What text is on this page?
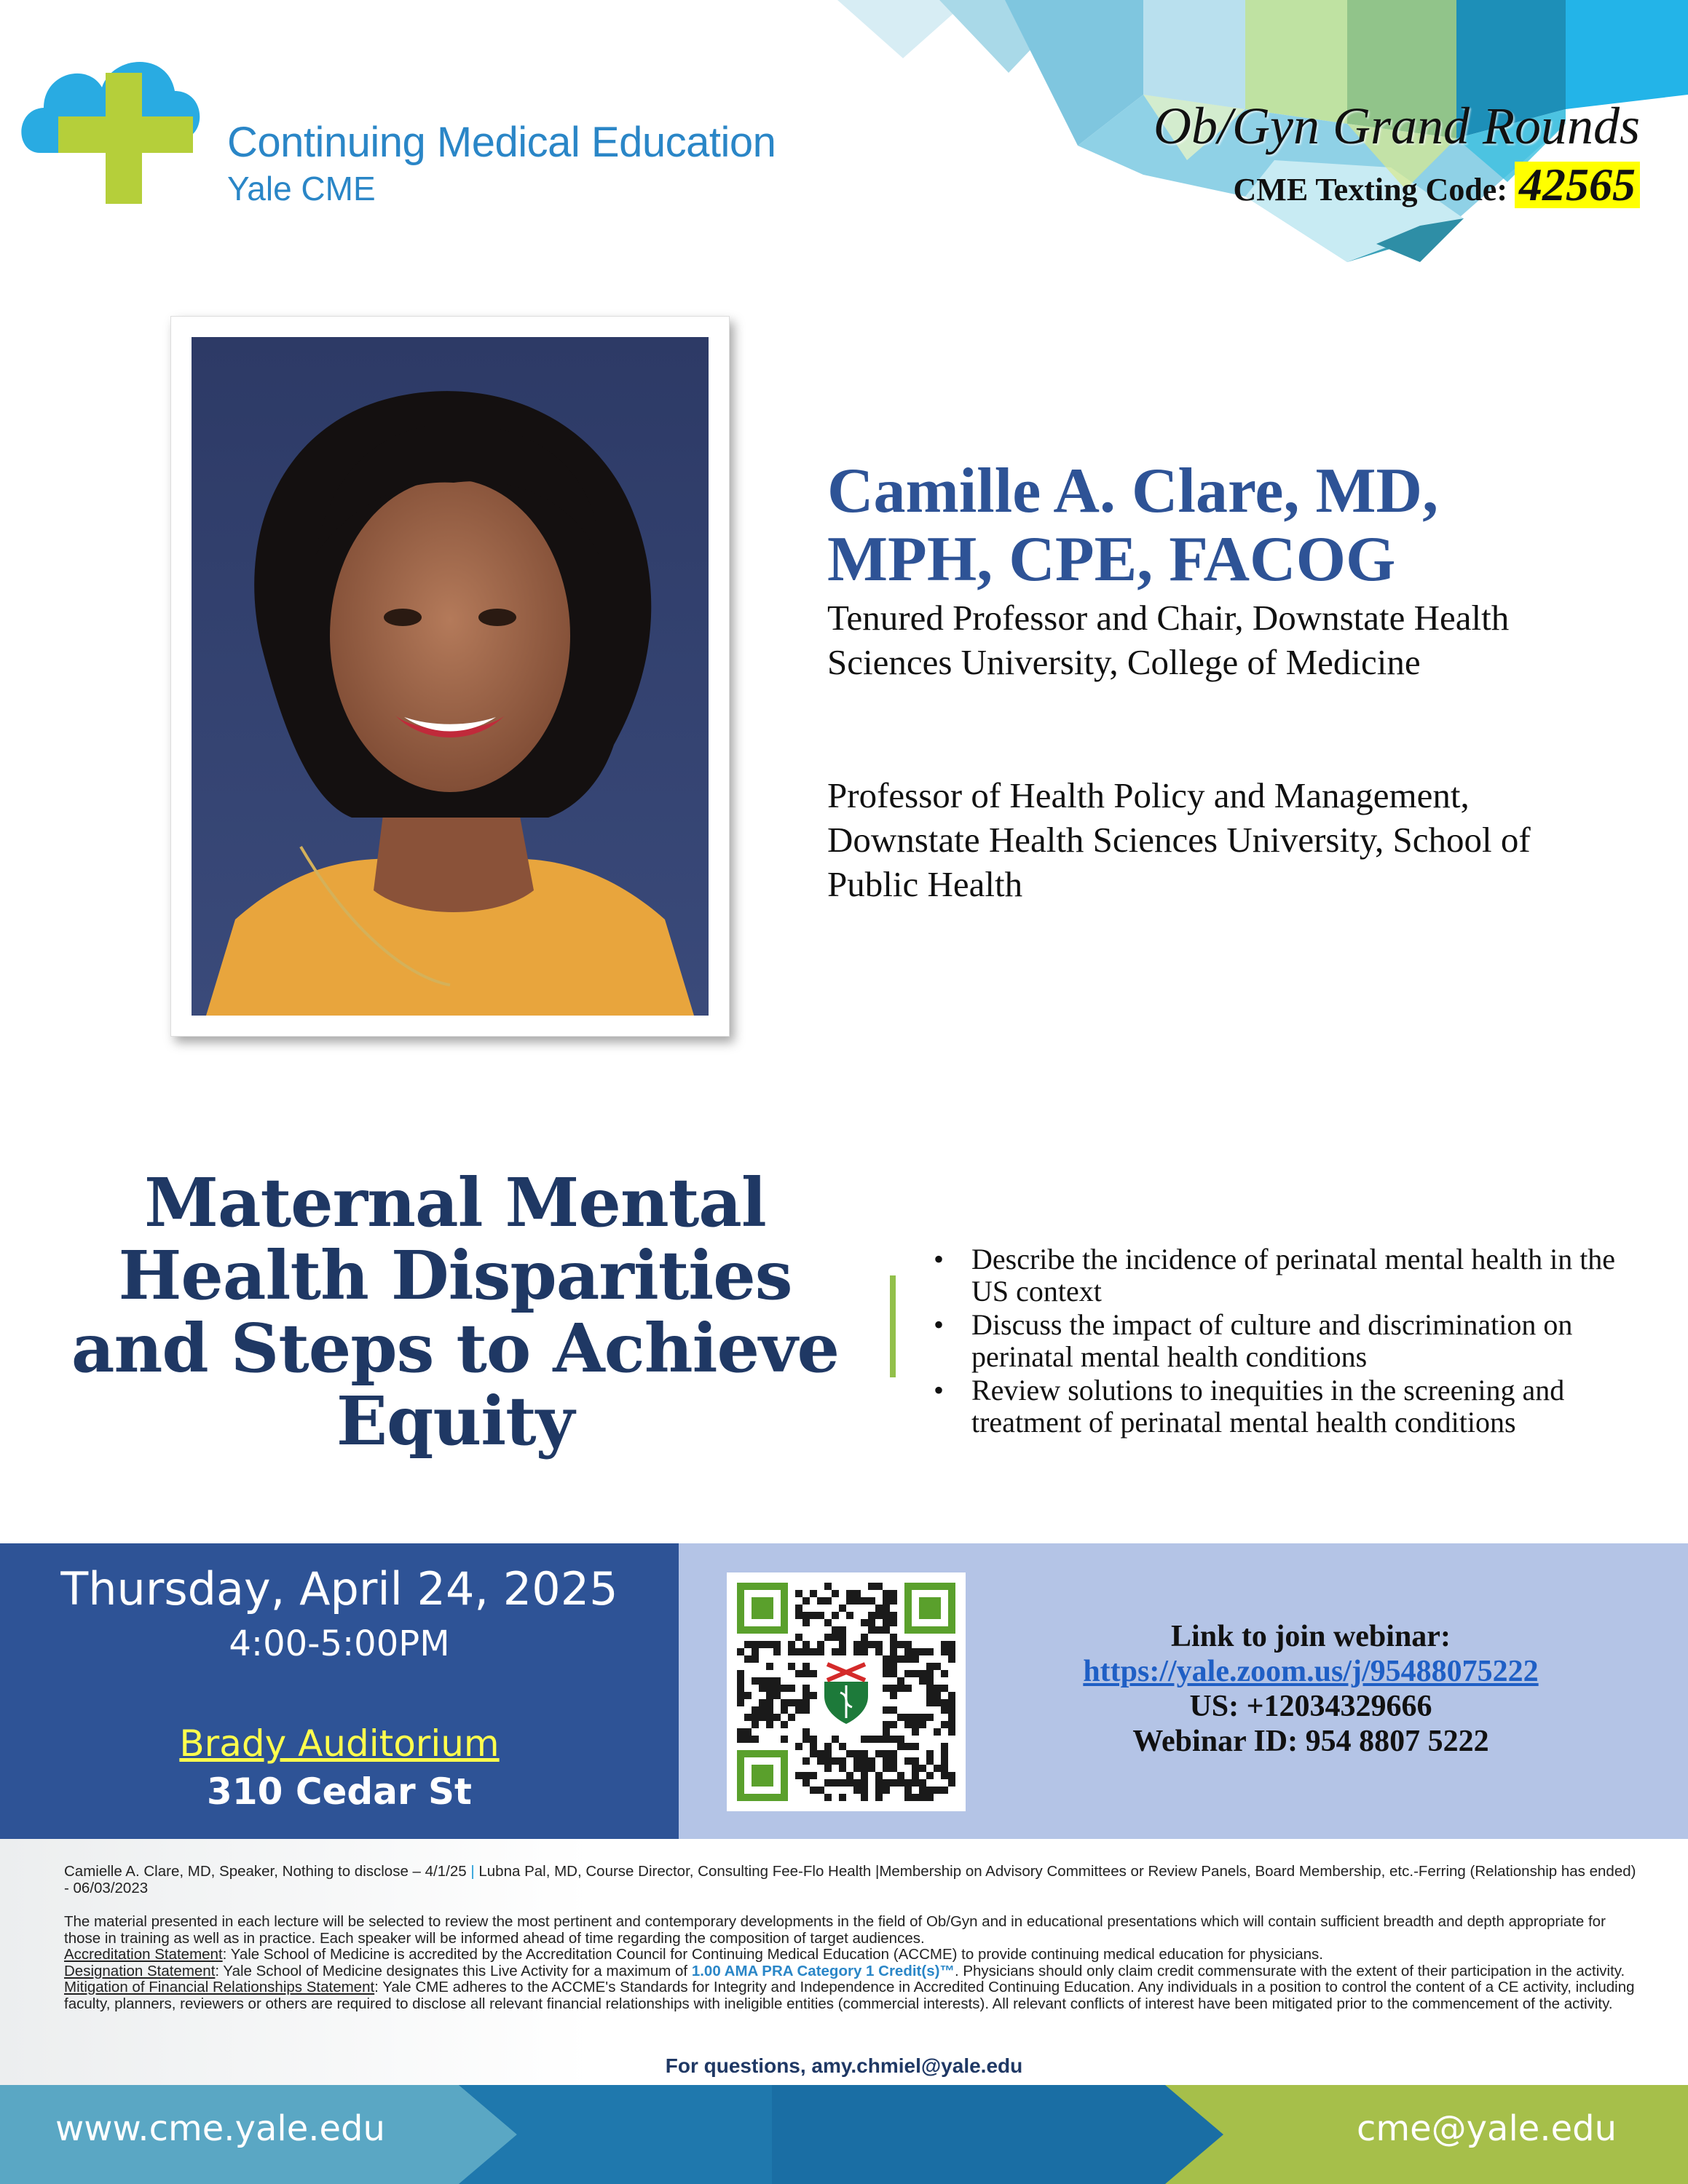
Continuing Medical Education
Yale CME
Ob/Gyn Grand Rounds
CME Texting Code: 42565
Camille A. Clare, MD, MPH, CPE, FACOG
Tenured Professor and Chair, Downstate Health Sciences University, College of Medicine
Professor of Health Policy and Management, Downstate Health Sciences University, School of Public Health
Maternal Mental Health Disparities and Steps to Achieve Equity
• Describe the incidence of perinatal mental health in the US context
• Discuss the impact of culture and discrimination on perinatal mental health conditions
• Review solutions to inequities in the screening and treatment of perinatal mental health conditions
Thursday, April 24, 2025
4:00-5:00PM
Brady Auditorium
310 Cedar St
Link to join webinar:
https://yale.zoom.us/j/95488075222
US: +12034329666
Webinar ID: 954 8807 5222

Camielle A. Clare, MD, Speaker, Nothing to disclose – 4/1/25 | Lubna Pal, MD, Course Director, Consulting Fee-Flo Health |Membership on Advisory Committees or Review Panels, Board Membership, etc.-Ferring (Relationship has ended) - 06/03/2023

The material presented in each lecture will be selected to review the most pertinent and contemporary developments in the field of Ob/Gyn and in educational presentations which will contain sufficient breadth and depth appropriate for those in training as well as in practice. Each speaker will be informed ahead of time regarding the composition of target audiences.

Accreditation Statement: Yale School of Medicine is accredited by the Accreditation Council for Continuing Medical Education (ACCME) to provide continuing medical education for physicians.

Designation Statement: Yale School of Medicine designates this Live Activity for a maximum of 1.00 AMA PRA Category 1 Credit(s)™. Physicians should only claim credit commensurate with the extent of their participation in the activity.

Mitigation of Financial Relationships Statement: Yale CME adheres to the ACCME's Standards for Integrity and Independence in Accredited Continuing Education. Any individuals in a position to control the content of a CE activity, including faculty, planners, reviewers or others are required to disclose all relevant financial relationships with ineligible entities (commercial interests). All relevant conflicts of interest have been mitigated prior to the commencement of the activity.

For questions, amy.chmiel@yale.edu
www.cme.yale.edu	cme@yale.edu
